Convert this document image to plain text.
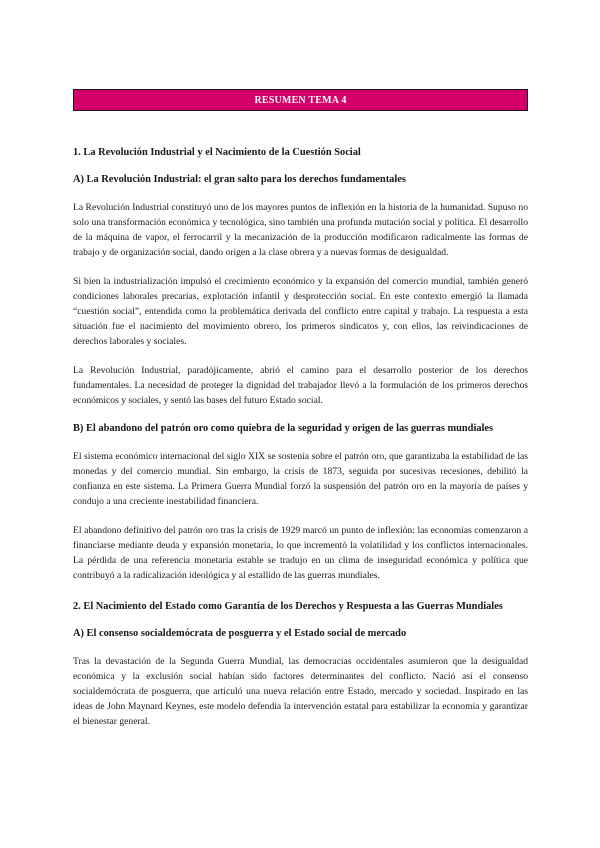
RESUMEN TEMA 4
1. La Revolución Industrial y el Nacimiento de la Cuestión Social
A) La Revolución Industrial: el gran salto para los derechos fundamentales

La Revolución Industrial constituyó uno de los mayores puntos de inflexión en la historia de la humanidad. Supuso no solo una transformación económica y tecnológica, sino también una profunda mutación social y política. El desarrollo de la máquina de vapor, el ferrocarril y la mecanización de la producción modificaron radicalmente las formas de trabajo y de organización social, dando origen a la clase obrera y a nuevas formas de desigualdad.

Si bien la industrialización impulsó el crecimiento económico y la expansión del comercio mundial, también generó condiciones laborales precarias, explotación infantil y desprotección social. En este contexto emergió la llamada “cuestión social”, entendida como la problemática derivada del conflicto entre capital y trabajo. La respuesta a esta situación fue el nacimiento del movimiento obrero, los primeros sindicatos y, con ellos, las reivindicaciones de derechos laborales y sociales.

La Revolución Industrial, paradójicamente, abrió el camino para el desarrollo posterior de los derechos fundamentales. La necesidad de proteger la dignidad del trabajador llevó a la formulación de los primeros derechos económicos y sociales, y sentó las bases del futuro Estado social.

B) El abandono del patrón oro como quiebra de la seguridad y origen de las guerras mundiales

El sistema económico internacional del siglo XIX se sostenía sobre el patrón oro, que garantizaba la estabilidad de las monedas y del comercio mundial. Sin embargo, la crisis de 1873, seguida por sucesivas recesiones, debilitó la confianza en este sistema. La Primera Guerra Mundial forzó la suspensión del patrón oro en la mayoría de países y condujo a una creciente inestabilidad financiera.

El abandono definitivo del patrón oro tras la crisis de 1929 marcó un punto de inflexión: las economías comenzaron a financiarse mediante deuda y expansión monetaria, lo que incrementó la volatilidad y los conflictos internacionales. La pérdida de una referencia monetaria estable se tradujo en un clima de inseguridad económica y política que contribuyó a la radicalización ideológica y al estallido de las guerras mundiales.

2. El Nacimiento del Estado como Garantía de los Derechos y Respuesta a las Guerras Mundiales
A) El consenso socialdemócrata de posguerra y el Estado social de mercado

Tras la devastación de la Segunda Guerra Mundial, las democracias occidentales asumieron que la desigualdad económica y la exclusión social habían sido factores determinantes del conflicto. Nació así el consenso socialdemócrata de posguerra, que articuló una nueva relación entre Estado, mercado y sociedad. Inspirado en las ideas de John Maynard Keynes, este modelo defendía la intervención estatal para estabilizar la economía y garantizar el bienestar general.
